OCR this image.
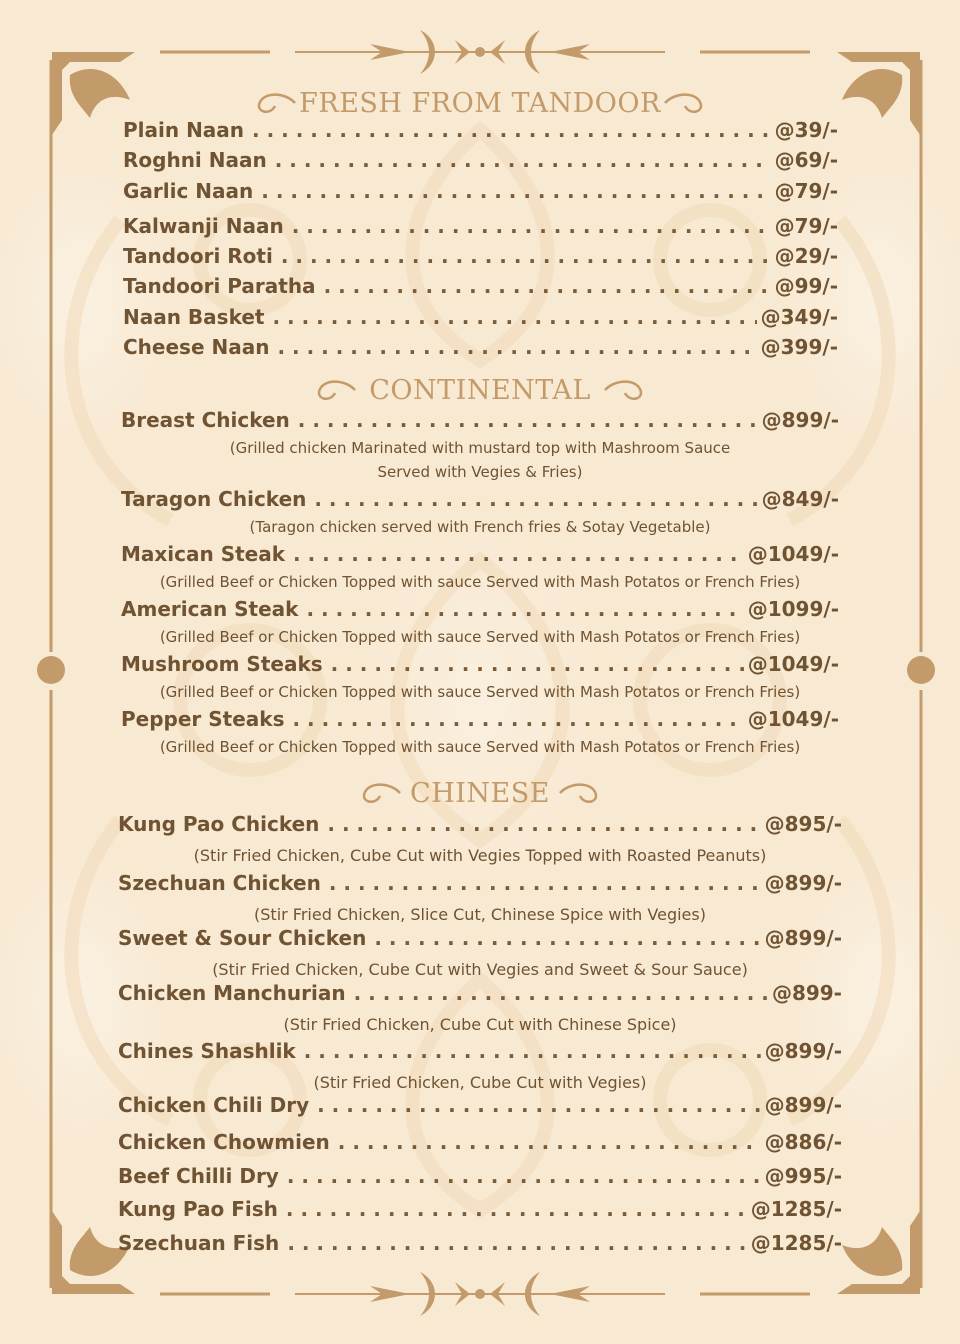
FRESH FROM TANDOOR
Plain Naan . . .	@39/-
Roghni Naan . . .	@69/-
Garlic Naan . . .	@79/-
Kalwanji Naan . . .	@79/-
Tandoori Roti . . .	@29/-
Tandoori Paratha . . .	@99/-
Naan Basket . . .	@349/-
Cheese Naan . . .	@399/-
CONTINENTAL
Breast Chicken . . .	@899/-
(Grilled chicken Marinated with mustard top with Mashroom Sauce
Served with Vegies & Fries)
Taragon Chicken . . .	@849/-
(Taragon chicken served with French fries & Sotay Vegetable)
Maxican Steak . . .	@1049/-
(Grilled Beef or Chicken Topped with sauce Served with Mash Potatos or French Fries)
American Steak . . .	@1099/-
(Grilled Beef or Chicken Topped with sauce Served with Mash Potatos or French Fries)
Mushroom Steaks . . .	@1049/-
(Grilled Beef or Chicken Topped with sauce Served with Mash Potatos or French Fries)
Pepper Steaks . . .	@1049/-
(Grilled Beef or Chicken Topped with sauce Served with Mash Potatos or French Fries)
CHINESE
Kung Pao Chicken . . .	@895/-
(Stir Fried Chicken, Cube Cut with Vegies Topped with Roasted Peanuts)
Szechuan Chicken . . .	@899/-
(Stir Fried Chicken, Slice Cut, Chinese Spice with Vegies)
Sweet & Sour Chicken . . .	@899/-
(Stir Fried Chicken, Cube Cut with Vegies and Sweet & Sour Sauce)
Chicken Manchurian . . .	@899-
(Stir Fried Chicken, Cube Cut with Chinese Spice)
Chines Shashlik . . .	@899/-
(Stir Fried Chicken, Cube Cut with Vegies)
Chicken Chili Dry . . .	@899/-
Chicken Chowmien . . .	@886/-
Beef Chilli Dry . . .	@995/-
Kung Pao Fish . . .	@1285/-
Szechuan Fish . . .	@1285/-
